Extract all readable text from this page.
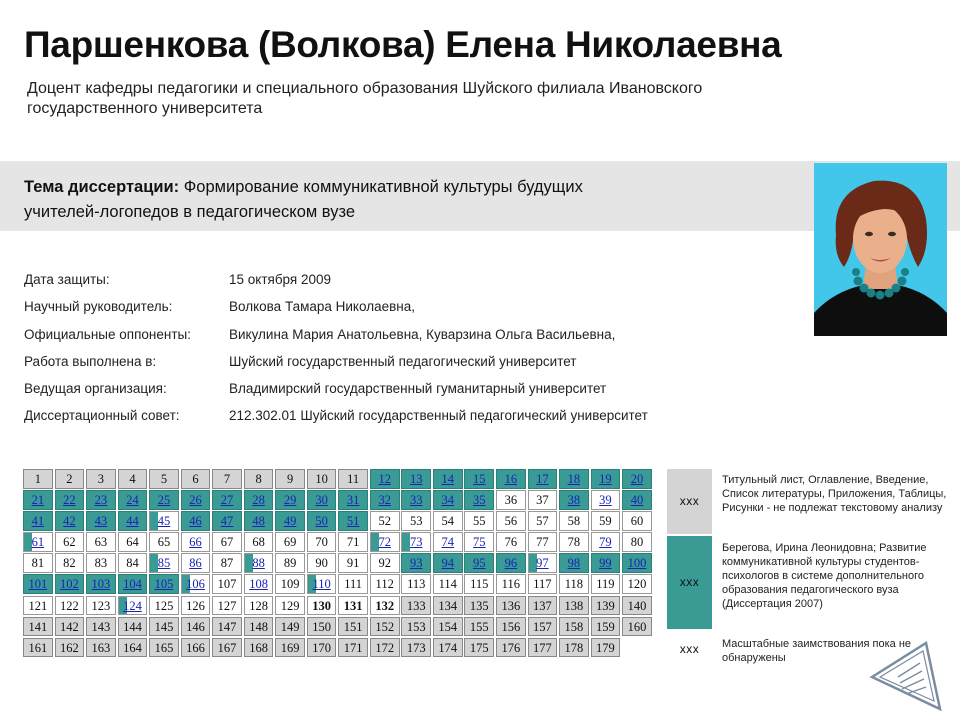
Паршенкова (Волкова) Елена Николаевна
Доцент кафедры педагогики и специального образования Шуйского филиала Ивановского государственного университета
Тема диссертации: Формирование коммуникативной культуры будущих учителей-логопедов в педагогическом вузе
Дата защиты:	15 октября 2009
Научный руководитель:	Волкова Тамара Николаевна,
Официальные оппоненты:	Викулина Мария Анатольевна, Куварзина Ольга Васильевна,
Работа выполнена в:	Шуйский государственный педагогический университет
Ведущая организация:	Владимирский государственный гуманитарный университет
Диссертационный совет:	212.302.01 Шуйский государственный педагогический университет
1	2	3	4	5	6	7	8	9	10	11	12	13	14	15	16	17	18	19	20
21	22	23	24	25	26	27	28	29	30	31	32	33	34	35	36	37	38	39	40
41	42	43	44	45	46	47	48	49	50	51	52	53	54	55	56	57	58	59	60
61	62	63	64	65	66	67	68	69	70	71	72	73	74	75	76	77	78	79	80
81	82	83	84	85	86	87	88	89	90	91	92	93	94	95	96	97	98	99	100
101	102	103	104	105	106	107	108	109	110	111	112	113	114	115	116	117	118	119	120
121	122	123	124	125	126	127	128	129	130	131	132	133	134	135	136	137	138	139	140
141	142	143	144	145	146	147	148	149	150	151	152	153	154	155	156	157	158	159	160
161	162	163	164	165	166	167	168	169	170	171	172	173	174	175	176	177	178	179
xxx
Титульный лист, Оглавление, Введение, Список литературы, Приложения, Таблицы, Рисунки - не подлежат текстовому анализу
xxx
Берегова, Ирина Леонидовна; Развитие коммуникативной культуры студентов-психологов в системе дополнительного образования педагогического вуза (Диссертация 2007)
xxx	Масштабные заимствования пока не обнаружены
